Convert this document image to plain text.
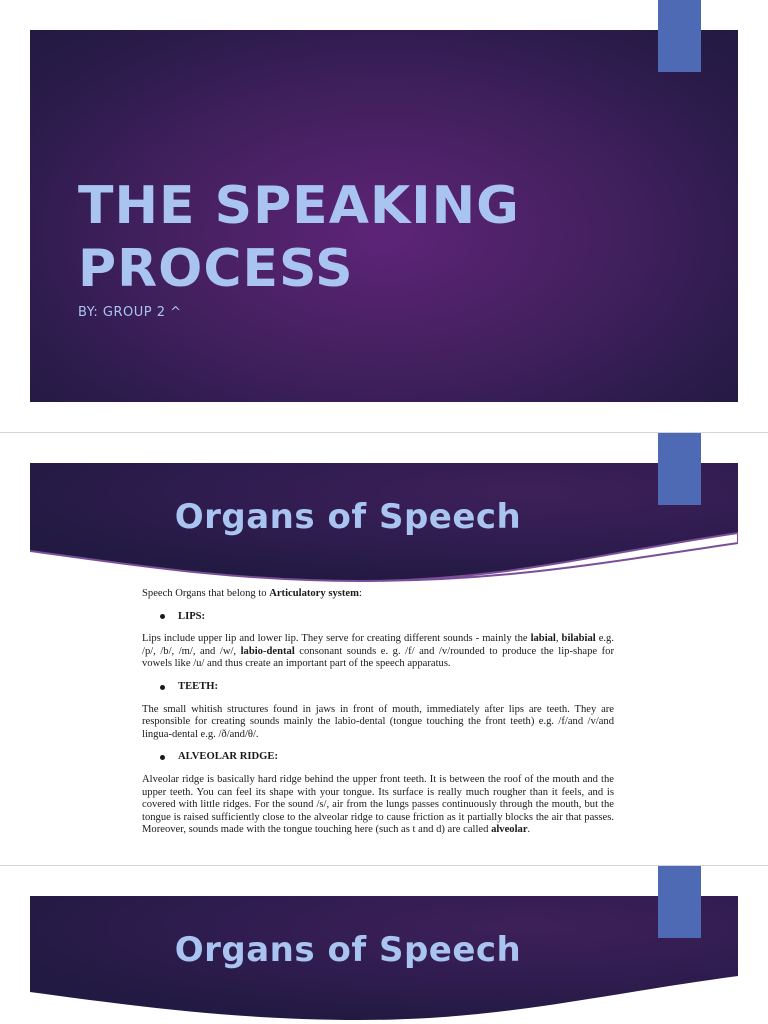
THE SPEAKING
PROCESS

BY: GROUP 2 ^

Organs of Speech

Speech Organs that belong to Articulatory system:

LIPS:

Lips include upper lip and lower lip. They serve for creating different sounds - mainly the labial, bilabial e.g. /p/, /b/, /m/, and /w/, labio-dental consonant sounds e. g. /f/ and /v/rounded to produce the lip-shape for vowels like /u/ and thus create an important part of the speech apparatus.

TEETH:

The small whitish structures found in jaws in front of mouth, immediately after lips are teeth. They are responsible for creating sounds mainly the labio-dental (tongue touching the front teeth) e.g. /f/and /v/and lingua-dental e.g. /ð/and/θ/.

ALVEOLAR RIDGE:

Alveolar ridge is basically hard ridge behind the upper front teeth. It is between the roof of the mouth and the upper teeth. You can feel its shape with your tongue. Its surface is really much rougher than it feels, and is covered with little ridges. For the sound /s/, air from the lungs passes continuously through the mouth, but the tongue is raised sufficiently close to the alveolar ridge to cause friction as it partially blocks the air that passes. Moreover, sounds made with the tongue touching here (such as t and d) are called alveolar.

Organs of Speech
